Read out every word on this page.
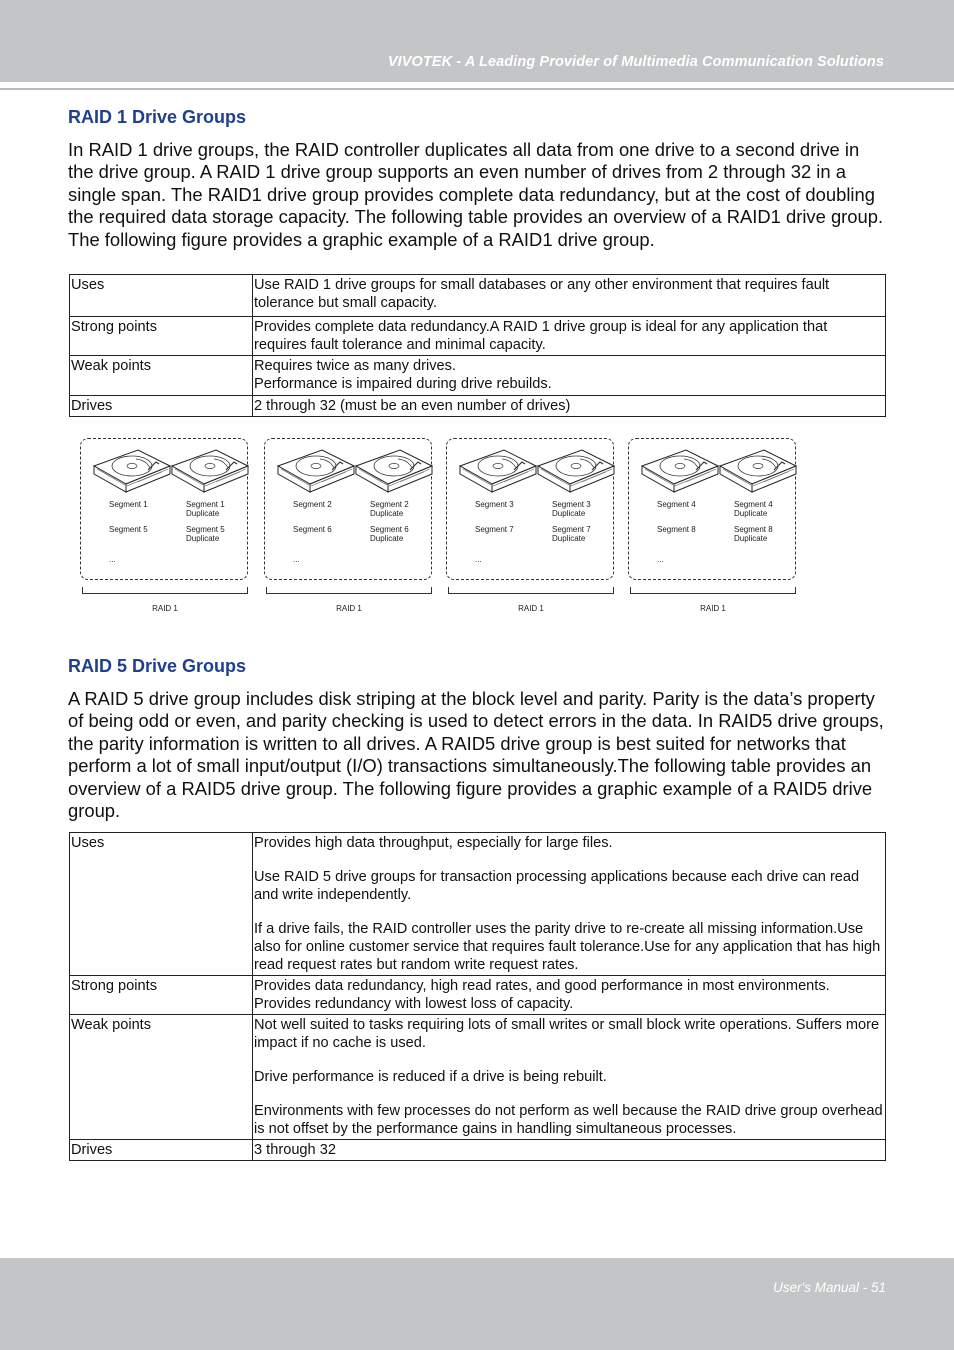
VIVOTEK - A Leading Provider of Multimedia Communication Solutions
RAID 1 Drive Groups
In RAID 1 drive groups, the RAID controller duplicates all data from one drive to a second drive in the drive group. A RAID 1 drive group supports an even number of drives from 2 through 32 in a single span. The RAID1 drive group provides complete data redundancy, but at the cost of doubling the required data storage capacity. The following table provides an overview of a RAID1 drive group. The following figure provides a graphic example of a RAID1 drive group.
Uses	Use RAID 1 drive groups for small databases or any other environment that requires fault tolerance but small capacity.

Strong points	Provides complete data redundancy.A RAID 1 drive group is ideal for any application that requires fault tolerance and minimal capacity.

Weak points	Requires twice as many drives.
Performance is impaired during drive rebuilds.

Drives	2 through 32 (must be an even number of drives)
Segment 1
Segment 5
...
Segment 1
Duplicate
Segment 5
Duplicate
RAID 1
Segment 2
Segment 6
...
Segment 2
Duplicate
Segment 6
Duplicate
RAID 1
Segment 3
Segment 7
...
Segment 3
Duplicate
Segment 7
Duplicate
RAID 1
Segment 4
Segment 8
...
Segment 4
Duplicate
Segment 8
Duplicate
RAID 1
RAID 5 Drive Groups
A RAID 5 drive group includes disk striping at the block level and parity. Parity is the data’s property of being odd or even, and parity checking is used to detect errors in the data. In RAID5 drive groups, the parity information is written to all drives. A RAID5 drive group is best suited for networks that perform a lot of small input/output (I/O) transactions simultaneously.The following table provides an overview of a RAID5 drive group. The following figure provides a graphic example of a RAID5 drive group.
Uses	Provides high data throughput, especially for large files.
Use RAID 5 drive groups for transaction processing applications because each drive can read and write independently.
If a drive fails, the RAID controller uses the parity drive to re-create all missing information.Use also for online customer service that requires fault tolerance.Use for any application that has high read request rates but random write request rates.

Strong points	Provides data redundancy, high read rates, and good performance in most environments. Provides redundancy with lowest loss of capacity.

Weak points	Not well suited to tasks requiring lots of small writes or small block write operations. Suffers more impact if no cache is used.
Drive performance is reduced if a drive is being rebuilt.
Environments with few processes do not perform as well because the RAID drive group overhead is not offset by the performance gains in handling simultaneous processes.

Drives	3 through 32
User's Manual - 51
